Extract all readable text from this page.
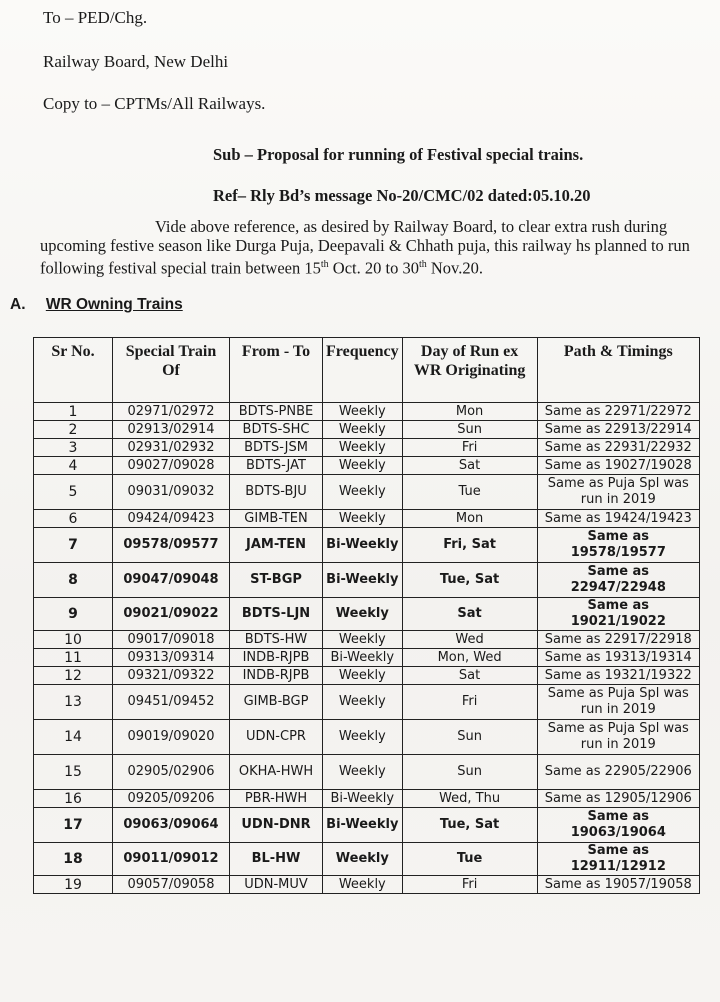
To – PED/Chg.
Railway Board, New Delhi
Copy to – CPTMs/All Railways.
Sub – Proposal for running of Festival special trains.
Ref– Rly Bd’s message No-20/CMC/02 dated:05.10.20
Vide above reference, as desired by Railway Board, to clear extra rush during
upcoming festive season like Durga Puja, Deepavali & Chhath puja, this railway hs planned to run following festival special train between 15th Oct. 20 to 30th Nov.20.
A. WR Owning Trains
Sr No.	Special Train Of	From - To	Frequency	Day of Run ex WR Originating	Path & Timings
1	02971/02972	BDTS-PNBE	Weekly	Mon	Same as 22971/22972
2	02913/02914	BDTS-SHC	Weekly	Sun	Same as 22913/22914
3	02931/02932	BDTS-JSM	Weekly	Fri	Same as 22931/22932
4	09027/09028	BDTS-JAT	Weekly	Sat	Same as 19027/19028
5	09031/09032	BDTS-BJU	Weekly	Tue	Same as Puja Spl was run in 2019
6	09424/09423	GIMB-TEN	Weekly	Mon	Same as 19424/19423
7	09578/09577	JAM-TEN	Bi-Weekly	Fri, Sat	Same as 19578/19577
8	09047/09048	ST-BGP	Bi-Weekly	Tue, Sat	Same as 22947/22948
9	09021/09022	BDTS-LJN	Weekly	Sat	Same as 19021/19022
10	09017/09018	BDTS-HW	Weekly	Wed	Same as 22917/22918
11	09313/09314	INDB-RJPB	Bi-Weekly	Mon, Wed	Same as 19313/19314
12	09321/09322	INDB-RJPB	Weekly	Sat	Same as 19321/19322
13	09451/09452	GIMB-BGP	Weekly	Fri	Same as Puja Spl was run in 2019
14	09019/09020	UDN-CPR	Weekly	Sun	Same as Puja Spl was run in 2019
15	02905/02906	OKHA-HWH	Weekly	Sun	Same as 22905/22906
16	09205/09206	PBR-HWH	Bi-Weekly	Wed, Thu	Same as 12905/12906
17	09063/09064	UDN-DNR	Bi-Weekly	Tue, Sat	Same as 19063/19064
18	09011/09012	BL-HW	Weekly	Tue	Same as 12911/12912
19	09057/09058	UDN-MUV	Weekly	Fri	Same as 19057/19058
